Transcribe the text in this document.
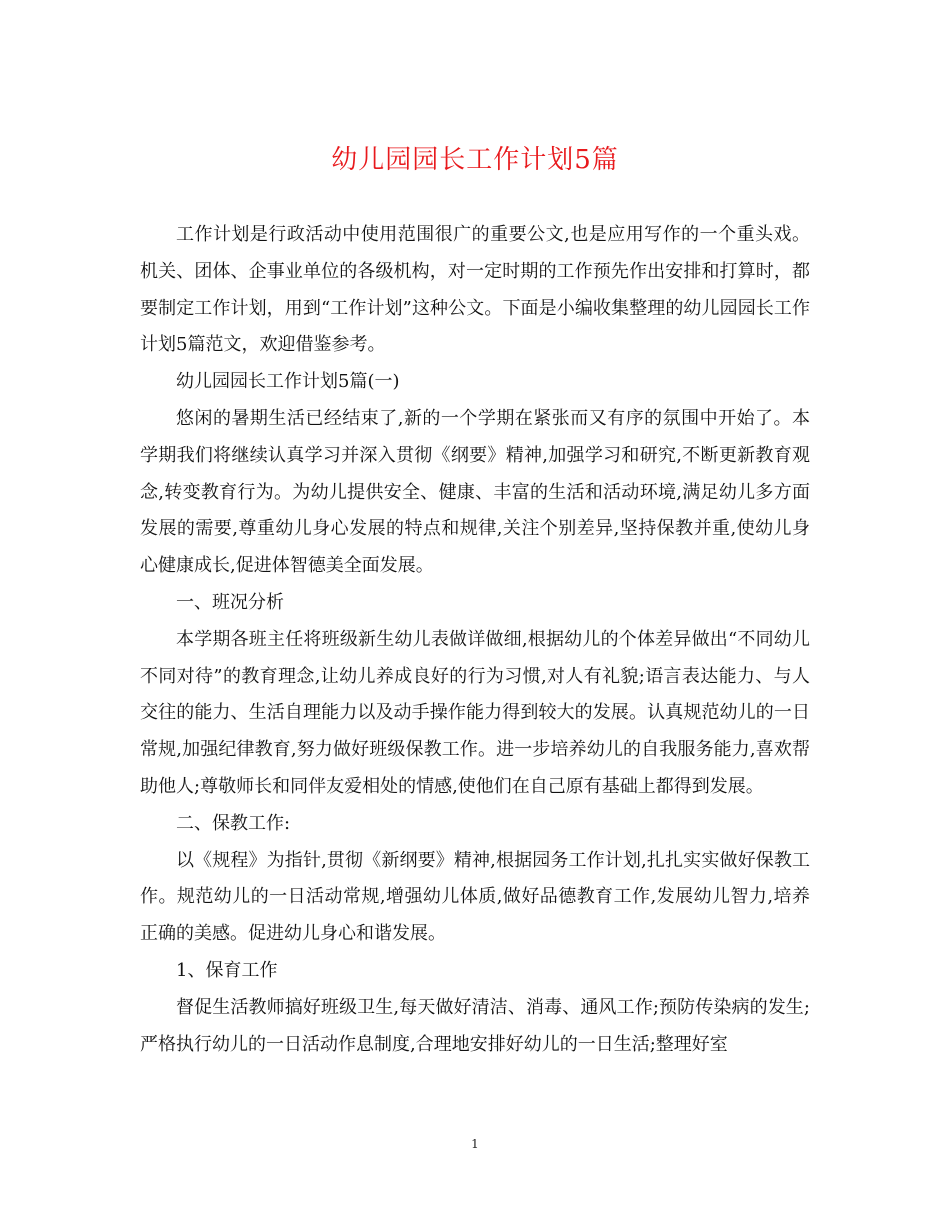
幼儿园园长工作计划5篇

工作计划是行政活动中使用范围很广的重要公文,也是应用写作的一个重头戏。机关、团体、企事业单位的各级机构，对一定时期的工作预先作出安排和打算时，都要制定工作计划，用到“工作计划”这种公文。下面是小编收集整理的幼儿园园长工作计划5篇范文，欢迎借鉴参考。

幼儿园园长工作计划5篇(一)

悠闲的暑期生活已经结束了,新的一个学期在紧张而又有序的氛围中开始了。本学期我们将继续认真学习并深入贯彻《纲要》精神,加强学习和研究,不断更新教育观念,转变教育行为。为幼儿提供安全、健康、丰富的生活和活动环境,满足幼儿多方面发展的需要,尊重幼儿身心发展的特点和规律,关注个别差异,坚持保教并重,使幼儿身心健康成长,促进体智德美全面发展。

一、班况分析

本学期各班主任将班级新生幼儿表做详做细,根据幼儿的个体差异做出“不同幼儿不同对待”的教育理念,让幼儿养成良好的行为习惯,对人有礼貌;语言表达能力、与人交往的能力、生活自理能力以及动手操作能力得到较大的发展。认真规范幼儿的一日常规,加强纪律教育,努力做好班级保教工作。进一步培养幼儿的自我服务能力,喜欢帮助他人;尊敬师长和同伴友爱相处的情感,使他们在自己原有基础上都得到发展。

二、保教工作:

以《规程》为指针,贯彻《新纲要》精神,根据园务工作计划,扎扎实实做好保教工作。规范幼儿的一日活动常规,增强幼儿体质,做好品德教育工作,发展幼儿智力,培养正确的美感。促进幼儿身心和谐发展。

1、保育工作

督促生活教师搞好班级卫生,每天做好清洁、消毒、通风工作;预防传染病的发生;严格执行幼儿的一日活动作息制度,合理地安排好幼儿的一日生活;整理好室

1
